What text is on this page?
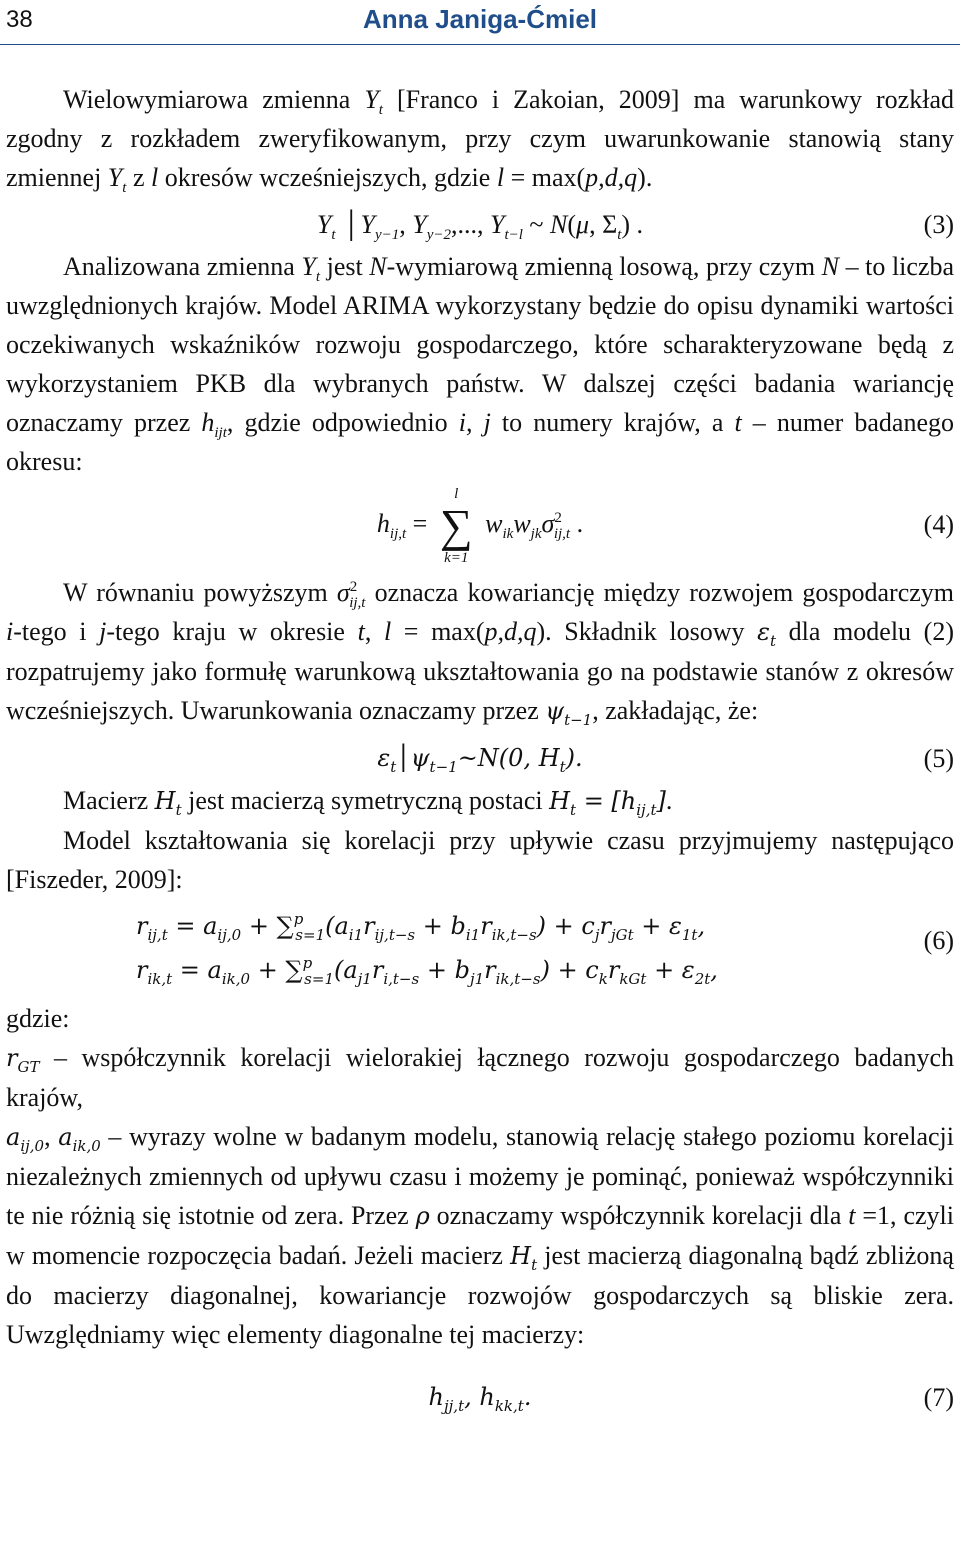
38	Anna Janiga-Ćmiel

Wielowymiarowa zmienna $Y_t$ [Franco i Zakoian, 2009] ma warunkowy rozkład zgodny z rozkładem zweryfikowanym, przy czym uwarunkowanie stanowią stany zmiennej $Y_t$ z l okresów wcześniejszych, gdzie l = max(p,d,q).

$Y_t$ $│Y_{y-1}$, $Y_{y-2}$,..., $Y_{t-l}$ ~ N(μ, $\Sigma_t$) .	(3)

Analizowana zmienna $Y_t$ jest N-wymiarową zmienną losową, przy czym N – to liczba uwzględnionych krajów. Model ARIMA wykorzystany będzie do opisu dynamiki wartości oczekiwanych wskaźników rozwoju gospodarczego, które scharakteryzowane będą z wykorzystaniem PKB dla wybranych państw. W dalszej części badania wariancję oznaczamy przez $h_{ijt}$, gdzie odpowiednio i, j to numery krajów, a t – numer badanego okresu:

$h_{ij,t}$ =
l
∑
k=1
$w_{ik}w_{jk}\sigma^2_{ij,t}$ .	(4)

W równaniu powyższym $\sigma^2_{ij,t}$ oznacza kowariancję między rozwojem gospodarczym i-tego i j-tego kraju w okresie t, l = max(p,d,q). Składnik losowy $\varepsilon_t$ dla modelu (2) rozpatrujemy jako formułę warunkową ukształtowania go na podstawie stanów z okresów wcześniejszych. Uwarunkowania oznaczamy przez $\psi_{t-1}$, zakładając, że:

$\varepsilon_t│\psi_{t-1}\sim N(0$, $H_t$).	(5)

Macierz $H_t$ jest macierzą symetryczną postaci $H_t = [h_{ij,t}]$.

Model kształtowania się korelacji przy upływie czasu przyjmujemy następująco [Fiszeder, 2009]:

$r_{ij,t} = a_{ij,0} + \sum^p_{s=1}(a_{i1}r_{ij,t-s} + b_{i1}r_{ik,t-s}) + c_jr_{jGt} + \varepsilon_{1t}$,
$r_{ik,t} = a_{ik,0} + \sum^p_{s=1}(a_{j1}r_{i,t-s} + b_{j1}r_{ik,t-s}) + c_kr_{kGt} + \varepsilon_{2t}$,
(6)

gdzie:

$r_{GT}$ – współczynnik korelacji wielorakiej łącznego rozwoju gospodarczego badanych krajów,

$a_{ij,0}$, $a_{ik,0}$ – wyrazy wolne w badanym modelu, stanowią relację stałego poziomu korelacji niezależnych zmiennych od upływu czasu i możemy je pominąć, ponieważ współczynniki te nie różnią się istotnie od zera. Przez ρ oznaczamy współczynnik korelacji dla t =1, czyli w momencie rozpoczęcia badań. Jeżeli macierz $H_t$ jest macierzą diagonalną bądź zbliżoną do macierzy diagonalnej, kowariancje rozwojów gospodarczych są bliskie zera. Uwzględniamy więc elementy diagonalne tej macierzy:

$h_{jj,t}$, $h_{kk,t}$.	(7)
